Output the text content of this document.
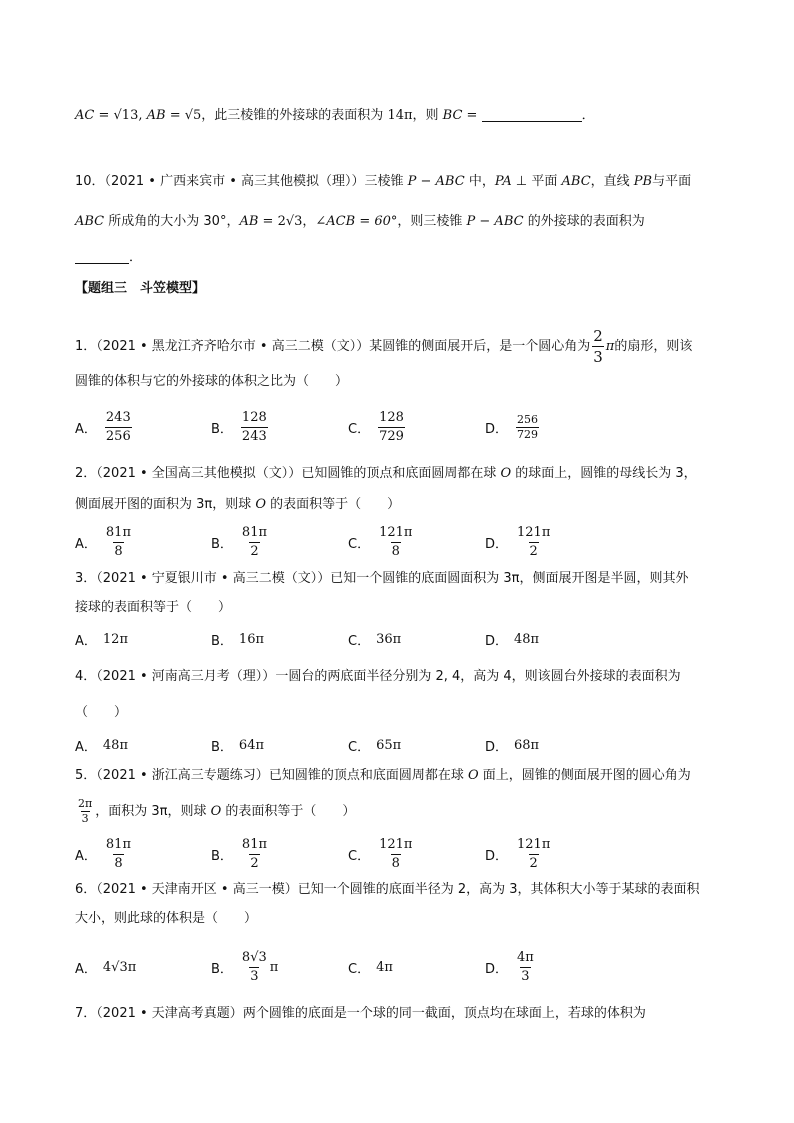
AC = √13, AB = √5，此三棱锥的外接球的表面积为 14π，则 BC =	．
10．（2021 • 广西来宾市 • 高三其他模拟（理））三棱锥 P − ABC 中，PA ⊥ 平面 ABC，直线 PB与平面
ABC 所成角的大小为 30°，AB = 2√3，∠ACB = 60°，则三棱锥 P − ABC 的外接球的表面积为
．
【题组三　斗笠模型】
1．（2021 • 黑龙江齐齐哈尔市 • 高三二模（文））某圆锥的侧面展开后，是一个圆心角为 $\frac{2}{3}$ π的扇形，则该
圆锥的体积与它的外接球的体积之比为（　　）
A． $\frac{243}{256}$	B． $\frac{128}{243}$	C． $\frac{128}{729}$	D． $\frac{256}{729}$
2．（2021 • 全国高三其他模拟（文））已知圆锥的顶点和底面圆周都在球 O 的球面上，圆锥的母线长为 3，
侧面展开图的面积为 3π，则球 O 的表面积等于（　　）
A． $\frac{81\pi}{8}$	B． $\frac{81\pi}{2}$	C． $\frac{121\pi}{8}$	D． $\frac{121\pi}{2}$
3．（2021 • 宁夏银川市 • 高三二模（文））已知一个圆锥的底面圆面积为 3π，侧面展开图是半圆，则其外
接球的表面积等于（　　）
A． 12π	B． 16π	C． 36π	D． 48π
4．（2021 • 河南高三月考（理））一圆台的两底面半径分别为 2, 4，高为 4，则该圆台外接球的表面积为
（　　）
A． 48π	B． 64π	C． 65π	D． 68π
5．（2021 • 浙江高三专题练习）已知圆锥的顶点和底面圆周都在球 O 面上，圆锥的侧面展开图的圆心角为
$\frac{2\pi}{3}$ ，面积为 3π，则球 O 的表面积等于（　　）
A． $\frac{81\pi}{8}$	B． $\frac{81\pi}{2}$	C． $\frac{121\pi}{8}$	D． $\frac{121\pi}{2}$
6．（2021 • 天津南开区 • 高三一模）已知一个圆锥的底面半径为 2，高为 3，其体积大小等于某球的表面积
大小，则此球的体积是（　　）
A． 4√3π	B． $\frac{8√3}{3}$ π	C． 4π	D． $\frac{4\pi}{3}$
7．（2021 • 天津高考真题）两个圆锥的底面是一个球的同一截面，顶点均在球面上，若球的体积为
